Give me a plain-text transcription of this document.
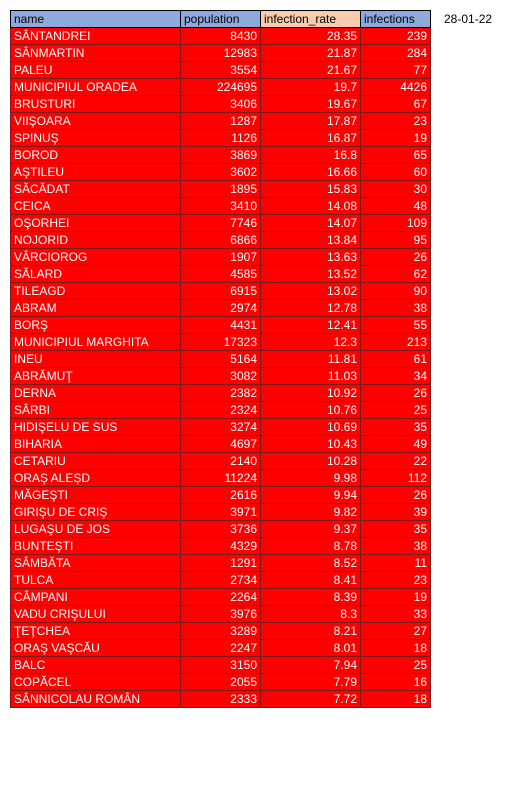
name	population	infection_rate	infections
SÂNTANDREI	8430	28.35	239
SÂNMARTIN	12983	21.87	284
PALEU	3554	21.67	77
MUNICIPIUL ORADEA	224695	19.7	4426
BRUSTURI	3406	19.67	67
VIIŞOARA	1287	17.87	23
SPINUŞ	1126	16.87	19
BOROD	3869	16.8	65
AŞTILEU	3602	16.66	60
SĂCĂDAT	1895	15.83	30
CEICA	3410	14.08	48
OŞORHEI	7746	14.07	109
NOJORID	6866	13.84	95
VÂRCIOROG	1907	13.63	26
SĂLARD	4585	13.52	62
TILEAGD	6915	13.02	90
ABRAM	2974	12.78	38
BORŞ	4431	12.41	55
MUNICIPIUL MARGHITA	17323	12.3	213
INEU	5164	11.81	61
ABRĂMUŢ	3082	11.03	34
DERNA	2382	10.92	26
SÂRBI	2324	10.76	25
HIDIŞELU DE SUS	3274	10.69	35
BIHARIA	4697	10.43	49
CETARIU	2140	10.28	22
ORAŞ ALEŞD	11224	9.98	112
MĂGEŞTI	2616	9.94	26
GIRIŞU DE CRIŞ	3971	9.82	39
LUGAŞU DE JOS	3736	9.37	35
BUNTEŞTI	4329	8.78	38
SÂMBĂTA	1291	8.52	11
TULCA	2734	8.41	23
CÂMPANI	2264	8.39	19
VADU CRIŞULUI	3976	8.3	33
ŢEŢCHEA	3289	8.21	27
ORAŞ VAŞCĂU	2247	8.01	18
BALC	3150	7.94	25
COPĂCEL	2055	7.79	16
SÂNNICOLAU ROMÂN	2333	7.72	18
28-01-22
